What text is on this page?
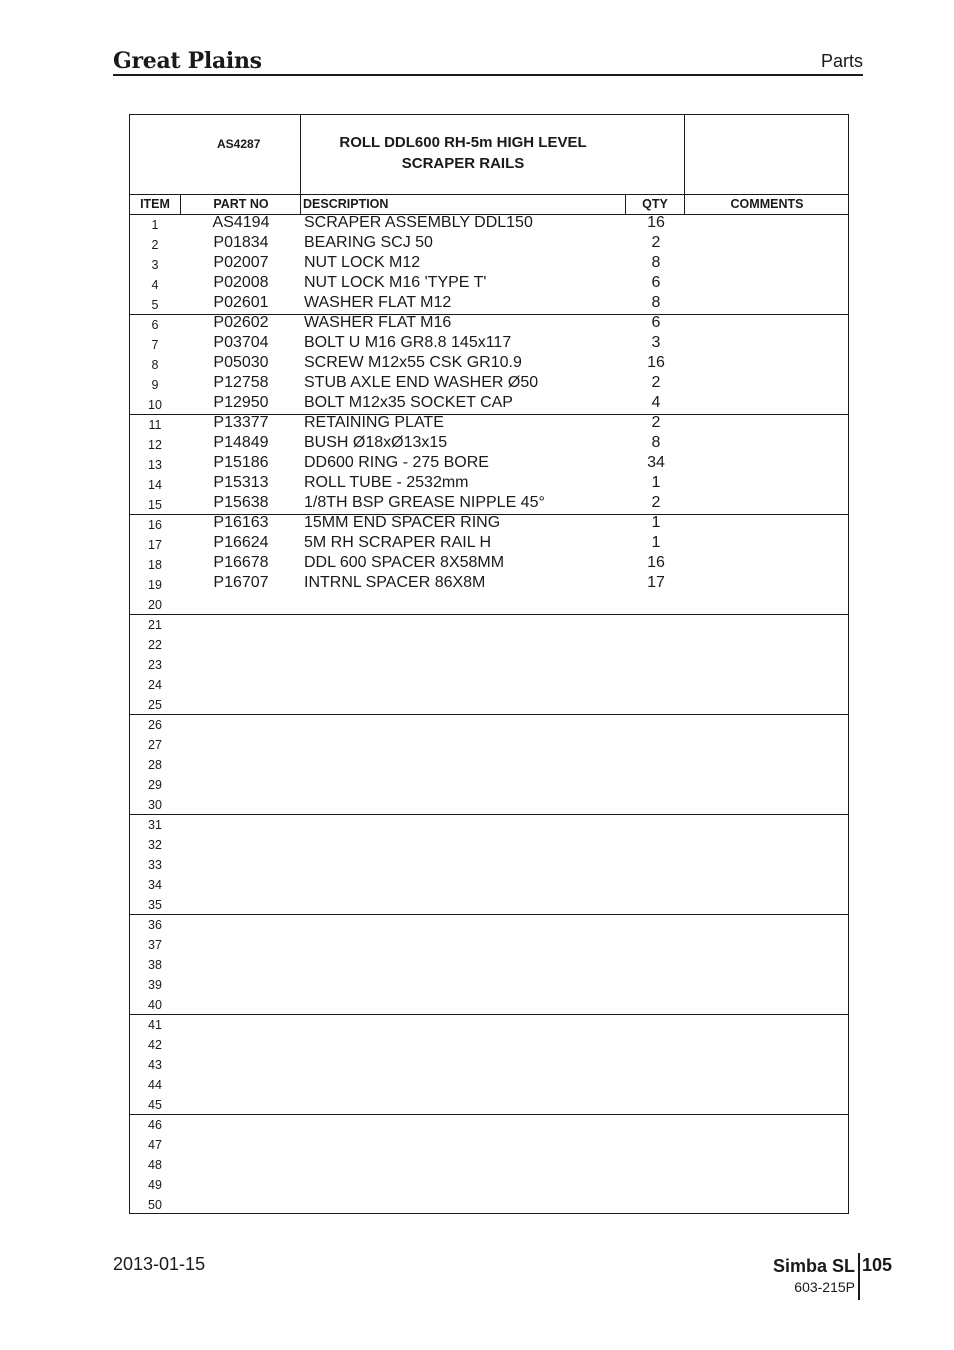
Great Plains	Parts
AS4287	ROLL DDL600 RH-5m HIGH LEVEL
SCRAPER RAILS
ITEM	PART NO	DESCRIPTION	QTY	COMMENTS
1	AS4194	SCRAPER ASSEMBLY DDL150	16
2	P01834	BEARING SCJ 50	2
3	P02007	NUT LOCK M12	8
4	P02008	NUT LOCK M16 'TYPE T'	6
5	P02601	WASHER FLAT M12	8
6	P02602	WASHER FLAT M16	6
7	P03704	BOLT U M16 GR8.8 145x117	3
8	P05030	SCREW M12x55 CSK GR10.9	16
9	P12758	STUB AXLE END WASHER Ø50	2
10	P12950	BOLT M12x35 SOCKET CAP	4
11	P13377	RETAINING PLATE	2
12	P14849	BUSH Ø18xØ13x15	8
13	P15186	DD600 RING - 275 BORE	34
14	P15313	ROLL TUBE - 2532mm	1
15	P15638	1/8TH BSP GREASE NIPPLE 45°	2
16	P16163	15MM END SPACER RING	1
17	P16624	5M RH SCRAPER RAIL H	1
18	P16678	DDL 600 SPACER 8X58MM	16
19	P16707	INTRNL SPACER 86X8M	17
20
21
22
23
24
25
26
27
28
29
30
31
32
33
34
35
36
37
38
39
40
41
42
43
44
45
46
47
48
49
50
2013-01-15	Simba SL 105
603-215P
